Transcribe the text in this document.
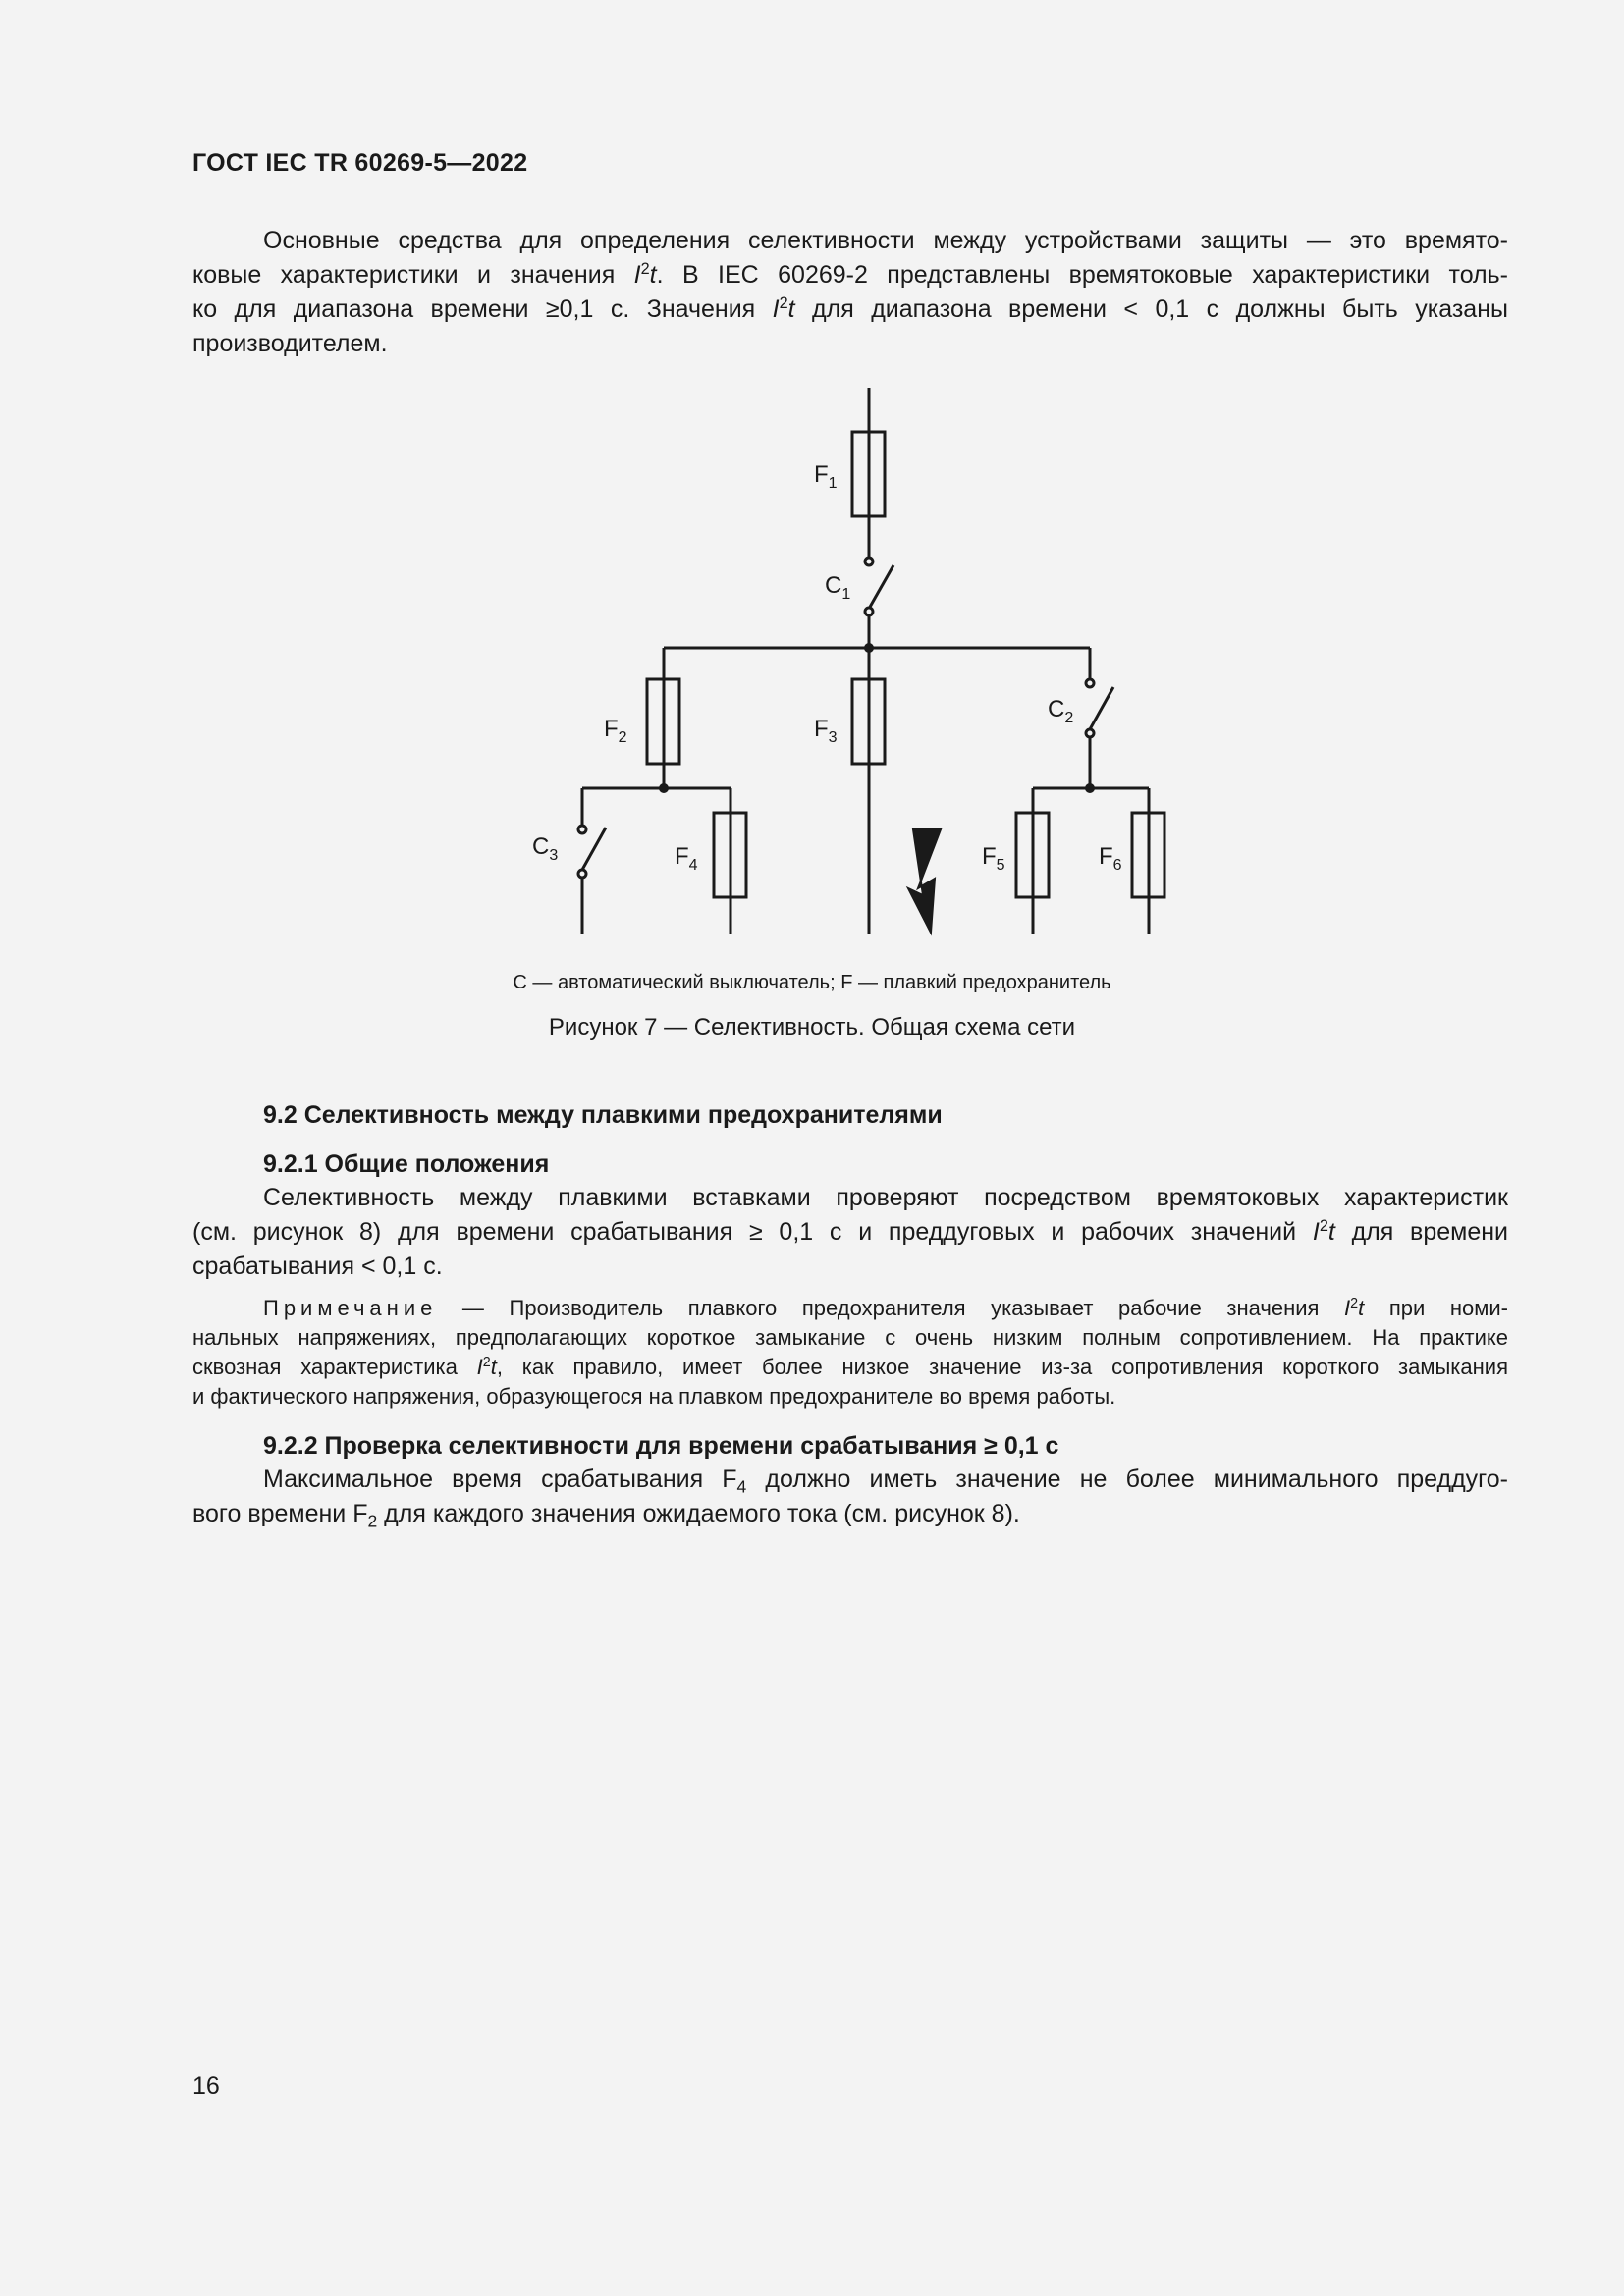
ГОСТ IEC TR 60269-5—2022
Основные средства для определения селективности между устройствами защиты — это времято-
ковые характеристики и значения $I^2t$. В IEC 60269-2 представлены времятоковые характеристики толь-
ко для диапазона времени ≥0,1 с. Значения $I^2t$ для диапазона времени < 0,1 с должны быть указаны
производителем.
$F_1$
$C_1$
$F_2$	$F_3$
$C_2$
$C_3$	$F_4$	$F_5$	$F_6$
C — автоматический выключатель; F — плавкий предохранитель
Рисунок 7 — Селективность. Общая схема сети
9.2 Селективность между плавкими предохранителями
9.2.1 Общие положения
Селективность между плавкими вставками проверяют посредством времятоковых характеристик
(см. рисунок 8) для времени срабатывания ≥ 0,1 с и преддуговых и рабочих значений $I^2t$ для времени
срабатывания < 0,1 с.
Примечание — Производитель плавкого предохранителя указывает рабочие значения $I^2t$ при номи-
нальных напряжениях, предполагающих короткое замыкание с очень низким полным сопротивлением. На практике
сквозная характеристика $I^2t$, как правило, имеет более низкое значение из-за сопротивления короткого замыкания
и фактического напряжения, образующегося на плавком предохранителе во время работы.
9.2.2 Проверка селективности для времени срабатывания ≥ 0,1 с
Максимальное время срабатывания $F_4$ должно иметь значение не более минимального преддуго-
вого времени $F_2$ для каждого значения ожидаемого тока (см. рисунок 8).
16
